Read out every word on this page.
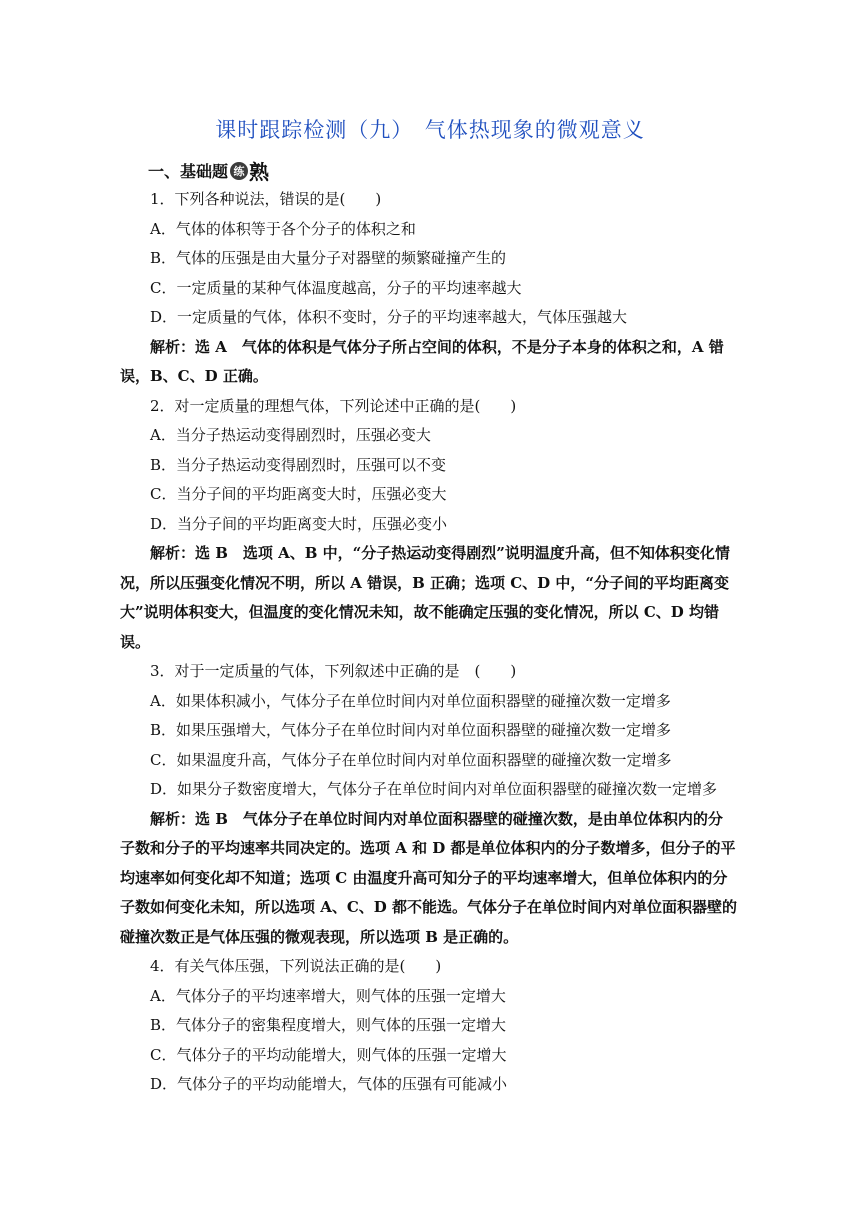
课时跟踪检测（九）　气体热现象的微观意义
一、基础题 练 熟
1．下列各种说法，错误的是(　　)
A．气体的体积等于各个分子的体积之和
B．气体的压强是由大量分子对器壁的频繁碰撞产生的
C．一定质量的某种气体温度越高，分子的平均速率越大
D．一定质量的气体，体积不变时，分子的平均速率越大，气体压强越大
解析：选 A　气体的体积是气体分子所占空间的体积，不是分子本身的体积之和，A 错
误，B、C、D 正确。
2．对一定质量的理想气体，下列论述中正确的是(　　)
A．当分子热运动变得剧烈时，压强必变大
B．当分子热运动变得剧烈时，压强可以不变
C．当分子间的平均距离变大时，压强必变大
D．当分子间的平均距离变大时，压强必变小
解析：选 B　选项 A、B 中，“分子热运动变得剧烈”说明温度升高，但不知体积变化情
况，所以压强变化情况不明，所以 A 错误，B 正确；选项 C、D 中，“分子间的平均距离变
大”说明体积变大，但温度的变化情况未知，故不能确定压强的变化情况，所以 C、D 均错
误。
3．对于一定质量的气体，下列叙述中正确的是　(　　)
A．如果体积减小，气体分子在单位时间内对单位面积器壁的碰撞次数一定增多
B．如果压强增大，气体分子在单位时间内对单位面积器壁的碰撞次数一定增多
C．如果温度升高，气体分子在单位时间内对单位面积器壁的碰撞次数一定增多
D．如果分子数密度增大，气体分子在单位时间内对单位面积器壁的碰撞次数一定增多
解析：选 B　气体分子在单位时间内对单位面积器壁的碰撞次数，是由单位体积内的分
子数和分子的平均速率共同决定的。选项 A 和 D 都是单位体积内的分子数增多，但分子的平
均速率如何变化却不知道；选项 C 由温度升高可知分子的平均速率增大，但单位体积内的分
子数如何变化未知，所以选项 A、C、D 都不能选。气体分子在单位时间内对单位面积器壁的
碰撞次数正是气体压强的微观表现，所以选项 B 是正确的。
4．有关气体压强，下列说法正确的是(　　)
A．气体分子的平均速率增大，则气体的压强一定增大
B．气体分子的密集程度增大，则气体的压强一定增大
C．气体分子的平均动能增大，则气体的压强一定增大
D．气体分子的平均动能增大，气体的压强有可能减小
